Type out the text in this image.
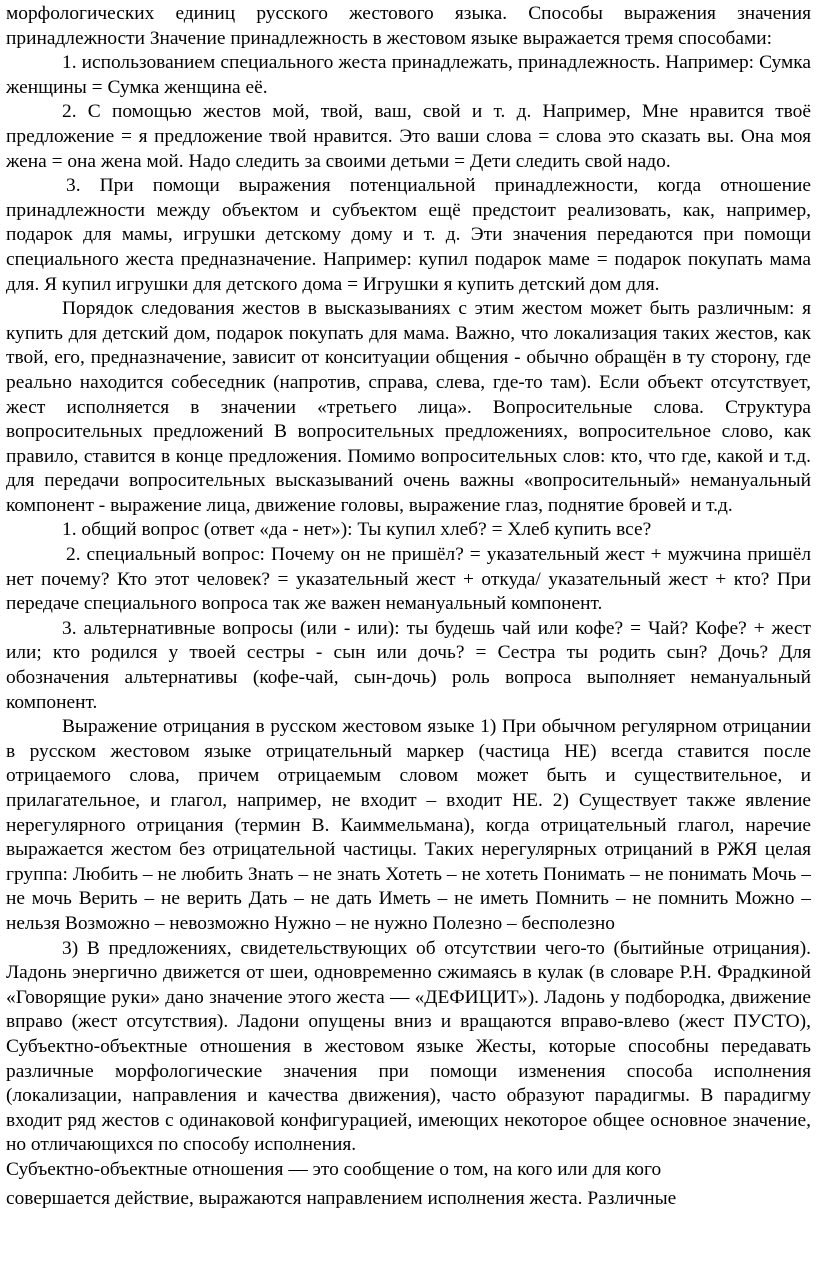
морфологических единиц русского жестового языка. Способы выражения значения принадлежности Значение принадлежность в жестовом языке выражается тремя способами:

1. использованием специального жеста принадлежать, принадлежность. Например: Сумка женщины = Сумка женщина её.

2. С помощью жестов мой, твой, ваш, свой и т. д. Например, Мне нравится твоё предложение = я предложение твой нравится. Это ваши слова = слова это сказать вы. Она моя жена = она жена мой. Надо следить за своими детьми = Дети следить свой надо.

3. При помощи выражения потенциальной принадлежности, когда отношение принадлежности между объектом и субъектом ещё предстоит реализовать, как, например, подарок для мамы, игрушки детскому дому и т. д. Эти значения передаются при помощи специального жеста предназначение. Например: купил подарок маме = подарок покупать мама для. Я купил игрушки для детского дома = Игрушки я купить детский дом для.

Порядок следования жестов в высказываниях с этим жестом может быть различным: я купить для детский дом, подарок покупать для мама. Важно, что локализация таких жестов, как твой, его, предназначение, зависит от конситуации общения - обычно обращён в ту сторону, где реально находится собеседник (напротив, справа, слева, где-то там). Если объект отсутствует, жест исполняется в значении «третьего лица». Вопросительные слова. Структура вопросительных предложений В вопросительных предложениях, вопросительное слово, как правило, ставится в конце предложения. Помимо вопросительных слов: кто, что где, какой и т.д. для передачи вопросительных высказываний очень важны «вопросительный» немануальный компонент - выражение лица, движение головы, выражение глаз, поднятие бровей и т.д.

1. общий вопрос (ответ «да - нет»): Ты купил хлеб? = Хлеб купить все?

2. специальный вопрос: Почему он не пришёл? = указательный жест + мужчина пришёл нет почему? Кто этот человек? = указательный жест + откуда/ указательный жест + кто? При передаче специального вопроса так же важен немануальный компонент.

3. альтернативные вопросы (или - или): ты будешь чай или кофе? = Чай? Кофе? + жест или; кто родился у твоей сестры - сын или дочь? = Сестра ты родить сын? Дочь? Для обозначения альтернативы (кофе-чай, сын-дочь) роль вопроса выполняет немануальный компонент.

Выражение отрицания в русском жестовом языке 1) При обычном регулярном отрицании в русском жестовом языке отрицательный маркер (частица НЕ) всегда ставится после отрицаемого слова, причем отрицаемым словом может быть и существительное, и прилагательное, и глагол, например, не входит – входит НЕ. 2) Существует также явление нерегулярного отрицания (термин В. Каиммельмана), когда отрицательный глагол, наречие выражается жестом без отрицательной частицы. Таких нерегулярных отрицаний в РЖЯ целая группа: Любить – не любить Знать – не знать Хотеть – не хотеть Понимать – не понимать Мочь – не мочь Верить – не верить Дать – не дать Иметь – не иметь Помнить – не помнить Можно – нельзя Возможно – невозможно Нужно – не нужно Полезно – бесполезно

3) В предложениях, свидетельствующих об отсутствии чего-то (бытийные отрицания). Ладонь энергично движется от шеи, одновременно сжимаясь в кулак (в словаре Р.Н. Фрадкиной «Говорящие руки» дано значение этого жеста — «ДЕФИЦИТ»). Ладонь у подбородка, движение вправо (жест отсутствия). Ладони опущены вниз и вращаются вправо-влево (жест ПУСТО), Субъектно-объектные отношения в жестовом языке Жесты, которые способны передавать различные морфологические значения при помощи изменения способа исполнения (локализации, направления и качества движения), часто образуют парадигмы. В парадигму входит ряд жестов с одинаковой конфигурацией, имеющих некоторое общее основное значение, но отличающихся по способу исполнения.

Субъектно-объектные отношения — это сообщение о том, на кого или для кого

совершается действие, выражаются направлением исполнения жеста. Различные
